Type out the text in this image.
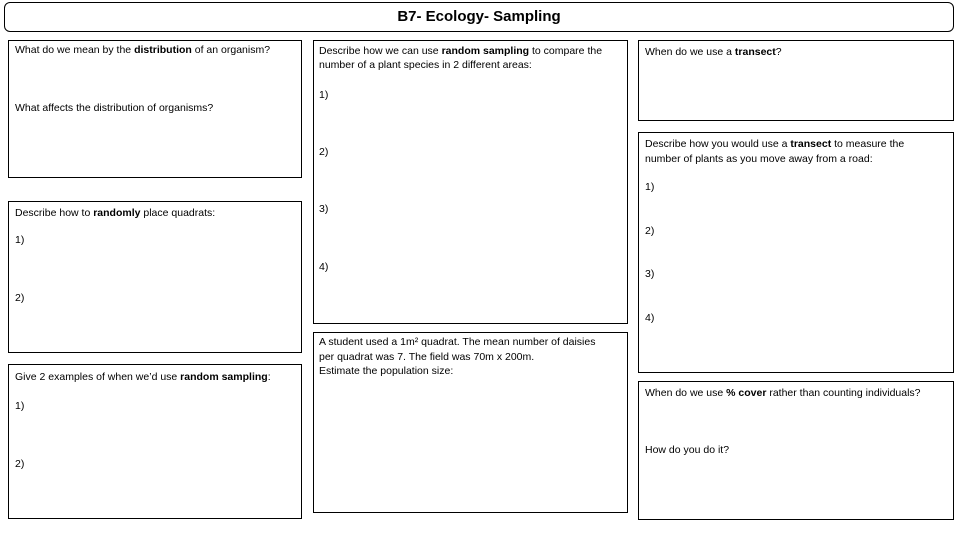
B7- Ecology- Sampling
What do we mean by the distribution of an organism?
What affects the distribution of organisms?
Describe how to randomly place quadrats:
1)
2)
Give 2 examples of when we’d use random sampling:
1)
2)
Describe how we can use random sampling to compare the
number of a plant species in 2 different areas:
1)
2)
3)
4)
A student used a 1m² quadrat. The mean number of daisies
per quadrat was 7. The field was 70m x 200m.
Estimate the population size:
When do we use a transect?
Describe how you would use a transect to measure the
number of plants as you move away from a road:
1)
2)
3)
4)
When do we use % cover rather than counting individuals?
How do you do it?
